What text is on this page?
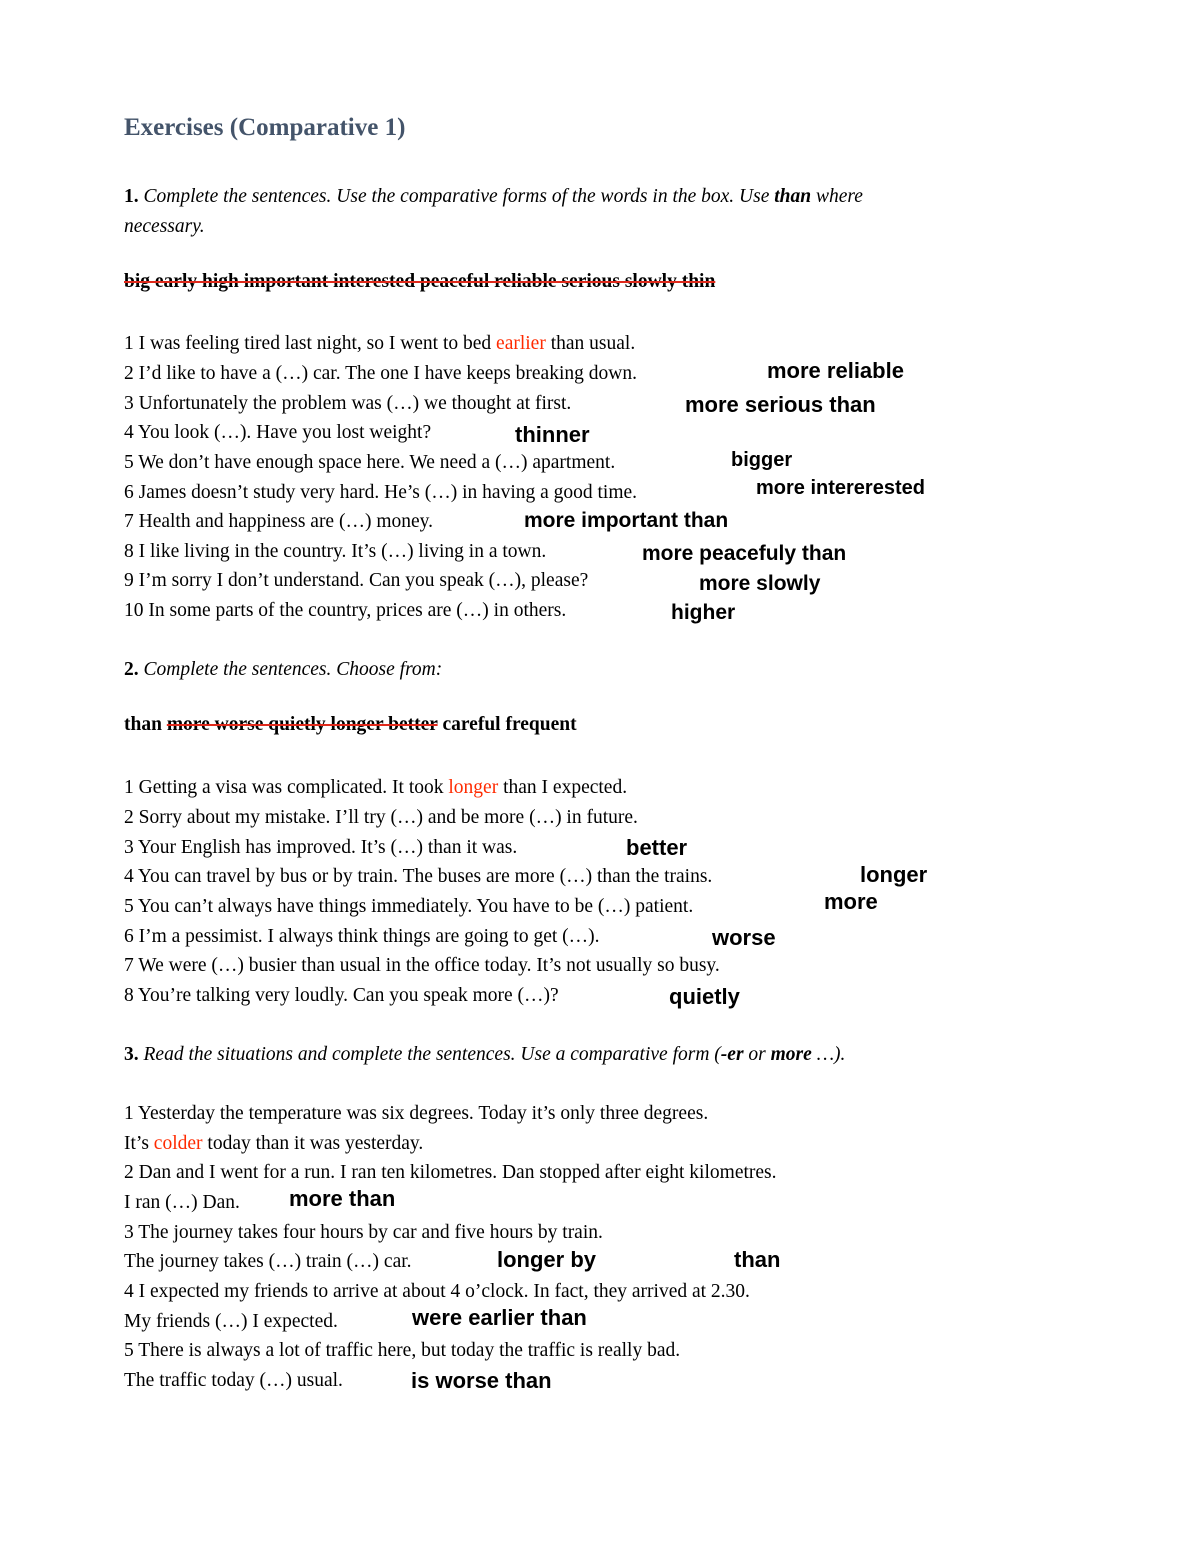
Exercises (Comparative 1)
1. Complete the sentences. Use the comparative forms of the words in the box. Use than where
necessary.
big early high important interested peaceful reliable serious slowly thin
1 I was feeling tired last night, so I went to bed earlier than usual.
2 I’d like to have a (…) car. The one I have keeps breaking down.	more reliable
3 Unfortunately the problem was (…) we thought at first.	more serious than
4 You look (…). Have you lost weight?	thinner
5 We don’t have enough space here. We need a (…) apartment.	bigger
6 James doesn’t study very hard. He’s (…) in having a good time.	more intererested
7 Health and happiness are (…) money.	more important than
8 I like living in the country. It’s (…) living in a town.	more peacefuly than
9 I’m sorry I don’t understand. Can you speak (…), please?	more slowly
10 In some parts of the country, prices are (…) in others.	higher
2. Complete the sentences. Choose from:
than more worse quietly longer better careful frequent
1 Getting a visa was complicated. It took longer than I expected.
2 Sorry about my mistake. I’ll try (…) and be more (…) in future.
3 Your English has improved. It’s (…) than it was.	better
4 You can travel by bus or by train. The buses are more (…) than the trains.	longer
5 You can’t always have things immediately. You have to be (…) patient.	more
6 I’m a pessimist. I always think things are going to get (…).	worse
7 We were (…) busier than usual in the office today. It’s not usually so busy.
8 You’re talking very loudly. Can you speak more (…)?	quietly
3. Read the situations and complete the sentences. Use a comparative form (-er or more …).
1 Yesterday the temperature was six degrees. Today it’s only three degrees.
It’s colder today than it was yesterday.
2 Dan and I went for a run. I ran ten kilometres. Dan stopped after eight kilometres.
I ran (…) Dan. more than
3 The journey takes four hours by car and five hours by train.
The journey takes (…) train (…) car.	longer by	than
4 I expected my friends to arrive at about 4 o’clock. In fact, they arrived at 2.30.
My friends (…) I expected.	were earlier than
5 There is always a lot of traffic here, but today the traffic is really bad.
The traffic today (…) usual.	is worse than
